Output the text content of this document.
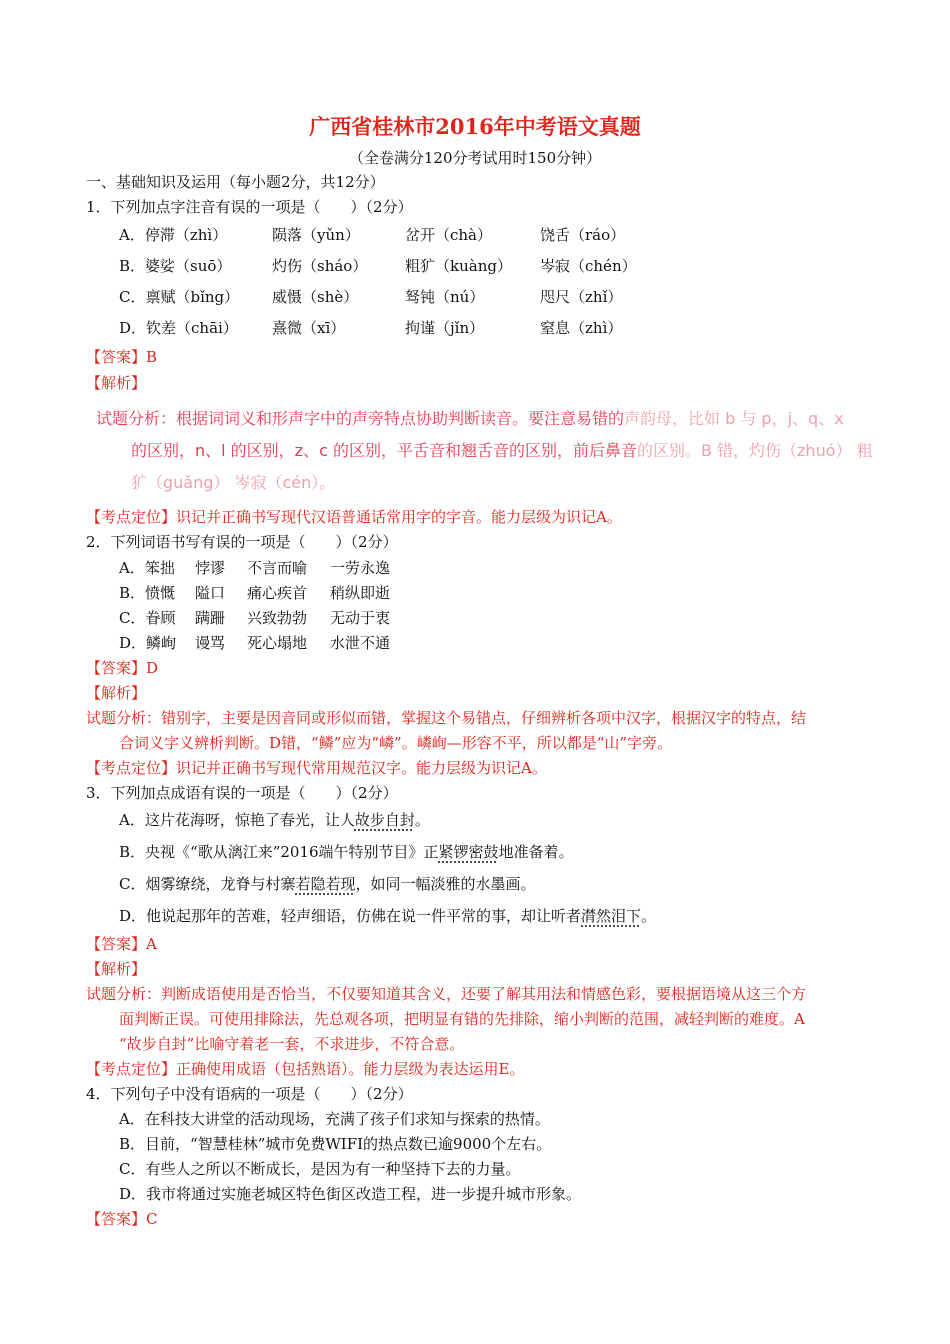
广西省桂林市2016年中考语文真题
（全卷满分120分考试用时150分钟）
一、基础知识及运用（每小题2分，共12分）
1．下列加点字注音有误的一项是（　　）（2分）
A．停滞（zhì）	陨落（yǔn）	岔开（chà）	饶舌（ráo）
B．婆娑（suō）	灼伤（sháo）	粗犷（kuàng） 岑寂（chén）
C．禀赋（bǐng） 威慑（shè）	驽钝（nú）	咫尺（zhǐ）
D．钦差（chāi） 熹微（xī）	拘谨（jǐn）	窒息（zhì）
【答案】B
【解析】
试题分析：根据词词义和形声字中的声旁特点协助判断读音。要注意易错的声韵母，比如 b 与 p，j、q、x
的区别，n、l 的区别，z、c 的区别，平舌音和翘舌音的区别，前后鼻音的区别。B 错，灼伤（zhuó） 粗
犷（guǎng） 岑寂（cén）。
【考点定位】识记并正确书写现代汉语普通话常用字的字音。能力层级为识记A。
2．下列词语书写有误的一项是（　　）（2分）
A．笨拙 悖谬 不言而喻 一劳永逸
B．愤慨 隘口 痛心疾首 稍纵即逝
C．眷顾 蹒跚 兴致勃勃 无动于衷
D．鳞峋 谩骂 死心塌地 水泄不通
【答案】D
【解析】
试题分析：错别字，主要是因音同或形似而错，掌握这个易错点，仔细辨析各项中汉字，根据汉字的特点，结
合词义字义辨析判断。D错，“鳞”应为“嶙”。嶙峋—形容不平，所以都是“山”字旁。
【考点定位】识记并正确书写现代常用规范汉字。能力层级为识记A。
3．下列加点成语有误的一项是（　　）（2分）
A．这片花海呀，惊艳了春光，让人故步自封。
B．央视《“歌从漓江来”2016端午特别节目》正紧锣密鼓地准备着。
C．烟雾缭绕，龙脊与村寨若隐若现，如同一幅淡雅的水墨画。
D．他说起那年的苦难，轻声细语，仿佛在说一件平常的事，却让听者潸然泪下。
【答案】A
【解析】
试题分析：判断成语使用是否恰当，不仅要知道其含义，还要了解其用法和情感色彩，要根据语境从这三个方
面判断正误。可使用排除法，先总观各项，把明显有错的先排除，缩小判断的范围，减轻判断的难度。A
“故步自封”比喻守着老一套，不求进步，不符合意。
【考点定位】正确使用成语（包括熟语）。能力层级为表达运用E。
4．下列句子中没有语病的一项是（　　）（2分）
A．在科技大讲堂的活动现场，充满了孩子们求知与探索的热情。
B．目前，“智慧桂林”城市免费WIFI的热点数已逾9000个左右。
C．有些人之所以不断成长，是因为有一种坚持下去的力量。
D．我市将通过实施老城区特色街区改造工程，进一步提升城市形象。
【答案】C
